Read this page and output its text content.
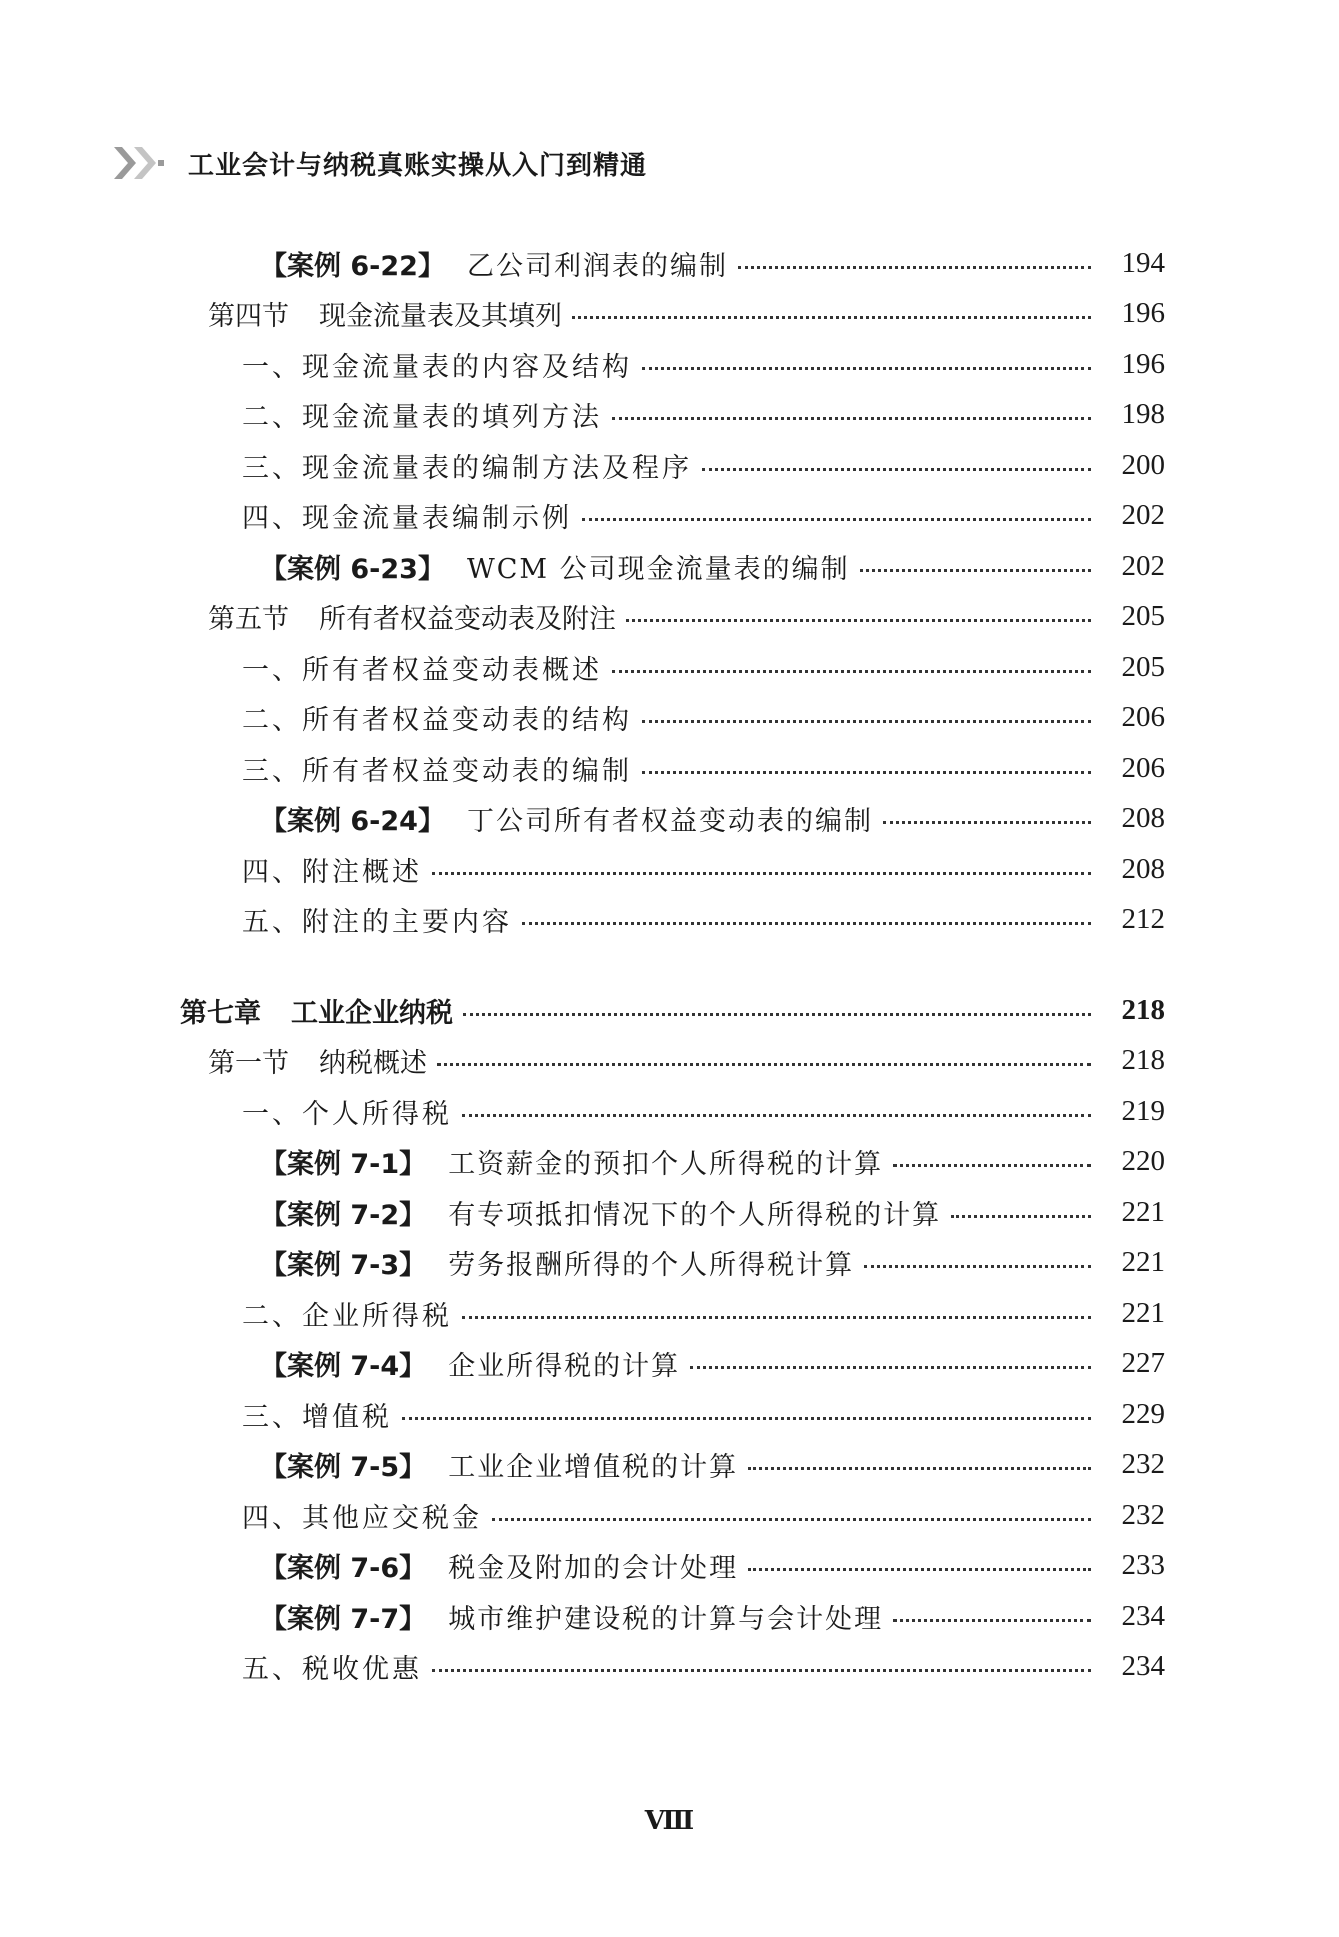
工业会计与纳税真账实操从入门到精通
【案例 6-22】 乙公司利润表的编制	194
第四节 现金流量表及其填列	196
一、现金流量表的内容及结构	196
二、现金流量表的填列方法	198
三、现金流量表的编制方法及程序	200
四、现金流量表编制示例	202
【案例 6-23】 WCM 公司现金流量表的编制	202
第五节 所有者权益变动表及附注	205
一、所有者权益变动表概述	205
二、所有者权益变动表的结构	206
三、所有者权益变动表的编制	206
【案例 6-24】 丁公司所有者权益变动表的编制	208
四、附注概述	208
五、附注的主要内容	212
第七章 工业企业纳税	218
第一节 纳税概述	218
一、个人所得税	219
【案例 7-1】 工资薪金的预扣个人所得税的计算	220
【案例 7-2】 有专项抵扣情况下的个人所得税的计算	221
【案例 7-3】 劳务报酬所得的个人所得税计算	221
二、企业所得税	221
【案例 7-4】 企业所得税的计算	227
三、增值税	229
【案例 7-5】 工业企业增值税的计算	232
四、其他应交税金	232
【案例 7-6】 税金及附加的会计处理	233
【案例 7-7】 城市维护建设税的计算与会计处理	234
五、税收优惠	234
Ⅷ
